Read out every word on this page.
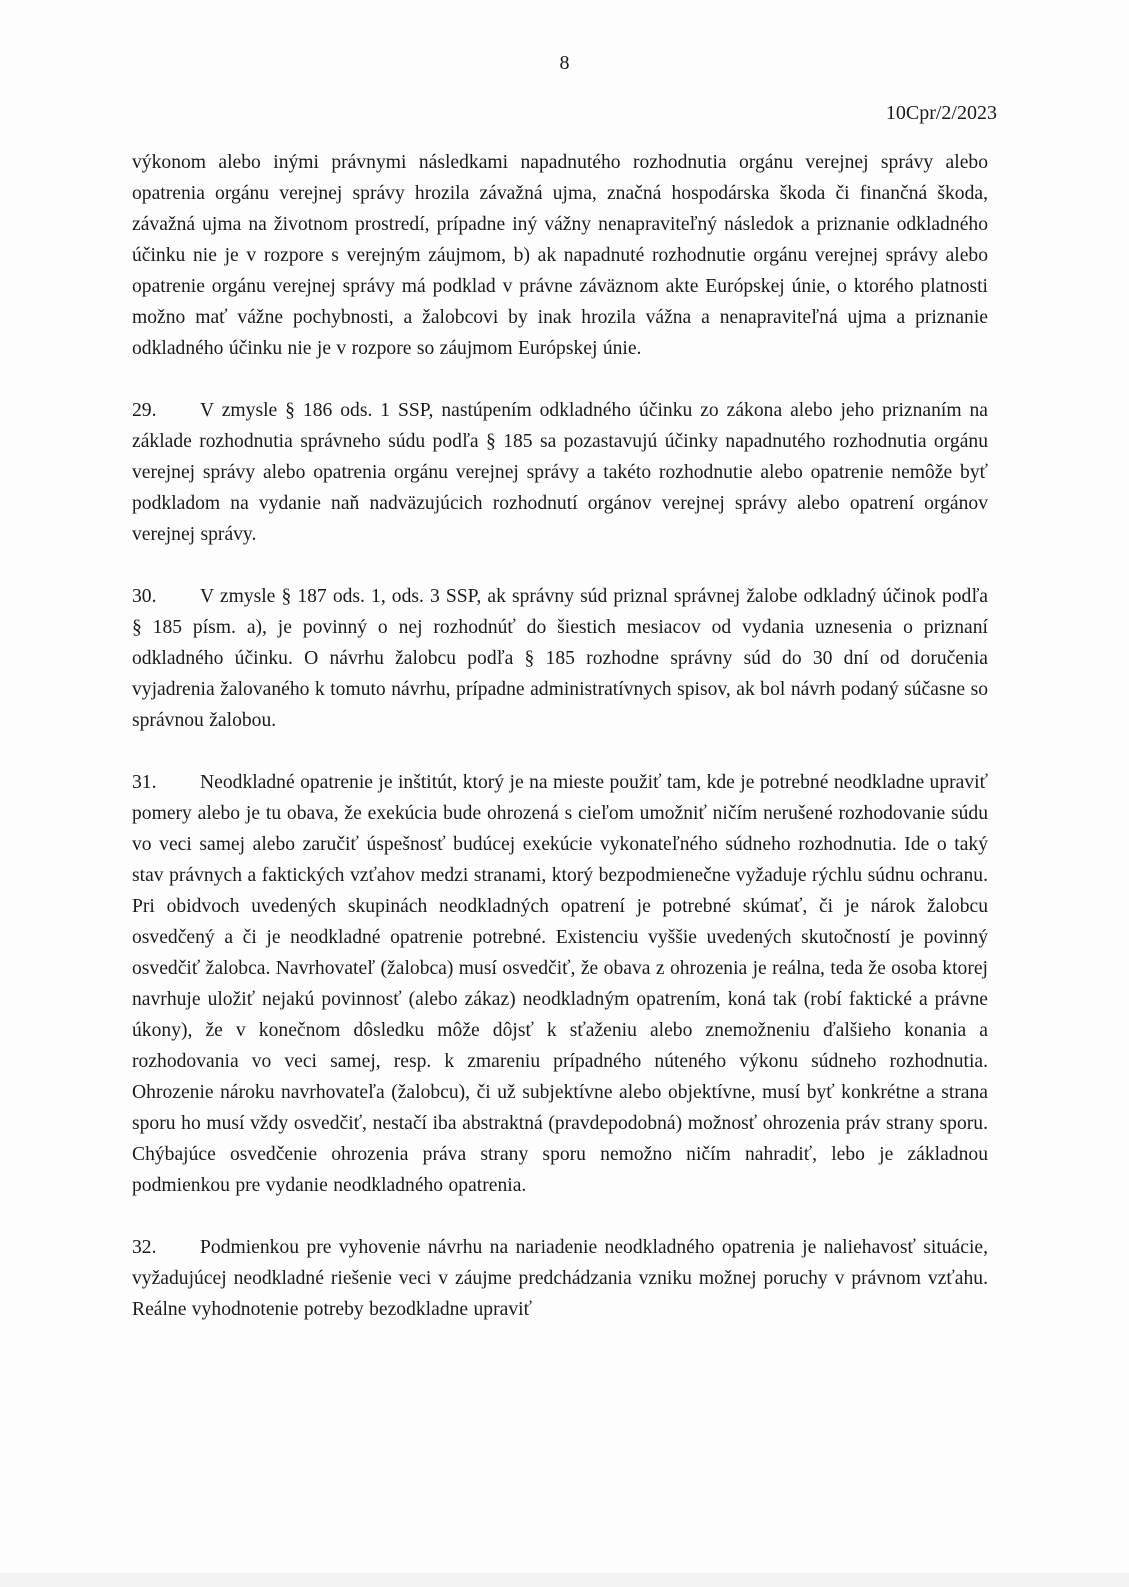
8
10Cpr/2/2023

výkonom alebo inými právnymi následkami napadnutého rozhodnutia orgánu verejnej správy alebo opatrenia orgánu verejnej správy hrozila závažná ujma, značná hospodárska škoda či finančná škoda, závažná ujma na životnom prostredí, prípadne iný vážny nenapraviteľný následok a priznanie odkladného účinku nie je v rozpore s verejným záujmom, b) ak napadnuté rozhodnutie orgánu verejnej správy alebo opatrenie orgánu verejnej správy má podklad v právne záväznom akte Európskej únie, o ktorého platnosti možno mať vážne pochybnosti, a žalobcovi by inak hrozila vážna a nenapraviteľná ujma a priznanie odkladného účinku nie je v rozpore so záujmom Európskej únie.

29. V zmysle § 186 ods. 1 SSP, nastúpením odkladného účinku zo zákona alebo jeho priznaním na základe rozhodnutia správneho súdu podľa § 185 sa pozastavujú účinky napadnutého rozhodnutia orgánu verejnej správy alebo opatrenia orgánu verejnej správy a takéto rozhodnutie alebo opatrenie nemôže byť podkladom na vydanie naň nadväzujúcich rozhodnutí orgánov verejnej správy alebo opatrení orgánov verejnej správy.

30. V zmysle § 187 ods. 1, ods. 3 SSP, ak správny súd priznal správnej žalobe odkladný účinok podľa § 185 písm. a), je povinný o nej rozhodnúť do šiestich mesiacov od vydania uznesenia o priznaní odkladného účinku. O návrhu žalobcu podľa § 185 rozhodne správny súd do 30 dní od doručenia vyjadrenia žalovaného k tomuto návrhu, prípadne administratívnych spisov, ak bol návrh podaný súčasne so správnou žalobou.

31. Neodkladné opatrenie je inštitút, ktorý je na mieste použiť tam, kde je potrebné neodkladne upraviť pomery alebo je tu obava, že exekúcia bude ohrozená s cieľom umožniť ničím nerušené rozhodovanie súdu vo veci samej alebo zaručiť úspešnosť budúcej exekúcie vykonateľného súdneho rozhodnutia. Ide o taký stav právnych a faktických vzťahov medzi stranami, ktorý bezpodmienečne vyžaduje rýchlu súdnu ochranu. Pri obidvoch uvedených skupinách neodkladných opatrení je potrebné skúmať, či je nárok žalobcu osvedčený a či je neodkladné opatrenie potrebné. Existenciu vyššie uvedených skutočností je povinný osvedčiť žalobca. Navrhovateľ (žalobca) musí osvedčiť, že obava z ohrozenia je reálna, teda že osoba ktorej navrhuje uložiť nejakú povinnosť (alebo zákaz) neodkladným opatrením, koná tak (robí faktické a právne úkony), že v konečnom dôsledku môže dôjsť k sťaženiu alebo znemožneniu ďalšieho konania a rozhodovania vo veci samej, resp. k zmareniu prípadného núteného výkonu súdneho rozhodnutia. Ohrozenie nároku navrhovateľa (žalobcu), či už subjektívne alebo objektívne, musí byť konkrétne a strana sporu ho musí vždy osvedčiť, nestačí iba abstraktná (pravdepodobná) možnosť ohrozenia práv strany sporu. Chýbajúce osvedčenie ohrozenia práva strany sporu nemožno ničím nahradiť, lebo je základnou podmienkou pre vydanie neodkladného opatrenia.

32. Podmienkou pre vyhovenie návrhu na nariadenie neodkladného opatrenia je naliehavosť situácie, vyžadujúcej neodkladné riešenie veci v záujme predchádzania vzniku možnej poruchy v právnom vzťahu. Reálne vyhodnotenie potreby bezodkladne upraviť
